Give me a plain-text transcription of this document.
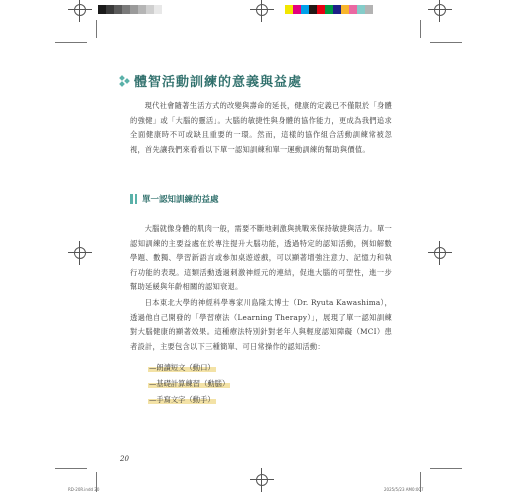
體智活動訓練的意義與益處

現代社會隨著生活方式的改變與壽命的延長，健康的定義已不僅限於「身體的強健」或「大腦的靈活」。大腦的敏捷性與身體的協作能力，更成為我們追求全面健康時不可或缺且重要的一環。然而，這樣的協作組合活動訓練常被忽視，首先讓我們來看看以下單一認知訓練和單一運動訓練的幫助與價值。

單一認知訓練的益處

大腦就像身體的肌肉一般，需要不斷地刺激與挑戰來保持敏捷與活力。單一認知訓練的主要益處在於專注提升大腦功能，透過特定的認知活動，例如解數學題、數獨、學習新語言或參加桌遊遊戲，可以顯著增強注意力、記憶力和執行功能的表現。這類活動透過刺激神經元的連結，促進大腦的可塑性，進一步幫助延緩與年齡相關的認知衰退。

日本東北大學的神經科學專家川島隆太博士（Dr. Ryuta Kawashima），透過他自己開發的「學習療法（Learning Therapy）」，展現了單一認知訓練對大腦健康的顯著效果。這種療法特別針對老年人與輕度認知障礙（MCI）患者設計，主要包含以下三種簡單、可日常操作的認知活動：

—朗讀短文（動口）
—基礎計算練習（動腦）
—手寫文字（動手）
20
RD-20R.indd 20	2025/5/23 AM0:007
